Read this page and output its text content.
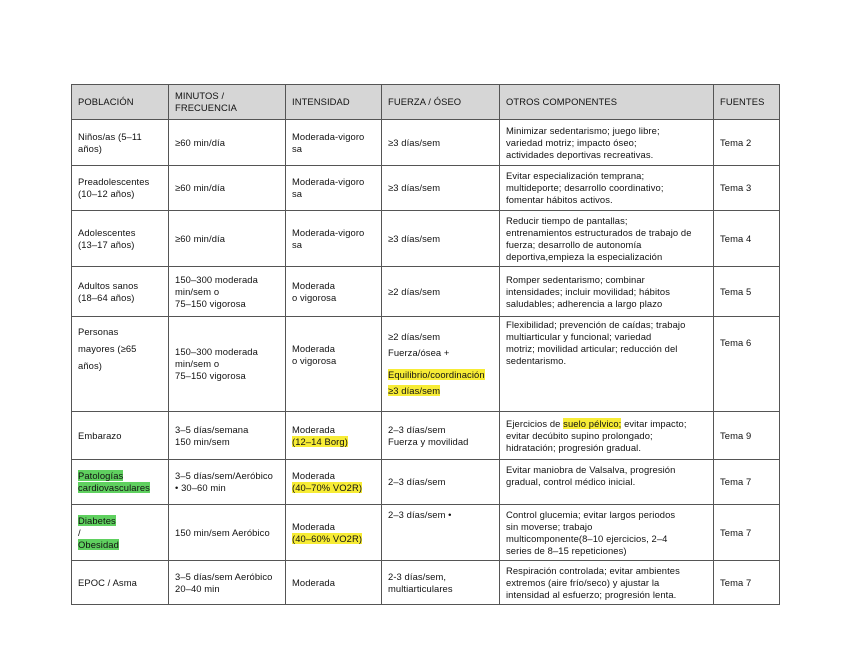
POBLACIÓN	MINUTOS / FRECUENCIA	INTENSIDAD	FUERZA / ÓSEO	OTROS COMPONENTES	FUENTES

Niños/as (5–11
años)	≥60 min/día	Moderada-vigoro
sa	≥3 días/sem	Minimizar sedentarismo; juego libre;
variedad motriz; impacto óseo;
actividades deportivas recreativas.	Tema 2

Preadolescentes
(10–12 años)	≥60 min/día	Moderada-vigoro
sa	≥3 días/sem	Evitar especialización temprana;
multideporte; desarrollo coordinativo;
fomentar hábitos activos.	Tema 3

Adolescentes
(13–17 años)	≥60 min/día	Moderada-vigoro
sa	≥3 días/sem	Reducir tiempo de pantallas;
entrenamientos estructurados de trabajo de
fuerza; desarrollo de autonomía
deportiva,empieza la especialización	Tema 4

Adultos sanos
(18–64 años)	150–300 moderada
min/sem o
75–150 vigorosa	Moderada
o vigorosa	≥2 días/sem	Romper sedentarismo; combinar
intensidades; incluir movilidad; hábitos
saludables; adherencia a largo plazo	Tema 5

Personas
mayores (≥65
años)	150–300 moderada
min/sem o
75–150 vigorosa	Moderada
o vigorosa	≥2 días/sem
Fuerza/ósea +
Equilibrio/coordinación
≥3 días/sem	Flexibilidad; prevención de caídas; trabajo
multiarticular y funcional; variedad
motriz; movilidad articular; reducción del
sedentarismo.	Tema 6

Embarazo	3–5 días/semana
150 min/sem	Moderada
(12–14 Borg)	2–3 días/sem
Fuerza y movilidad	Ejercicios de suelo pélvico; evitar impacto;
evitar decúbito supino prolongado;
hidratación; progresión gradual.	Tema 9

Patologías
cardiovasculares	3–5 días/sem/Aeróbico
• 30–60 min	Moderada
(40–70% VO2R)	2–3 días/sem	Evitar maniobra de Valsalva, progresión
gradual, control médico inicial.	Tema 7

Diabetes
/
Obesidad	150 min/sem Aeróbico	Moderada
(40–60% VO2R)	2–3 días/sem •	Control glucemia; evitar largos periodos
sin moverse; trabajo
multicomponente(8–10 ejercicios, 2–4
series de 8–15 repeticiones)	Tema 7

EPOC / Asma	3–5 días/sem Aeróbico
20–40 min	Moderada	2-3 días/sem,
multiarticulares	Respiración controlada; evitar ambientes
extremos (aire frío/seco) y ajustar la
intensidad al esfuerzo; progresión lenta.	Tema 7
